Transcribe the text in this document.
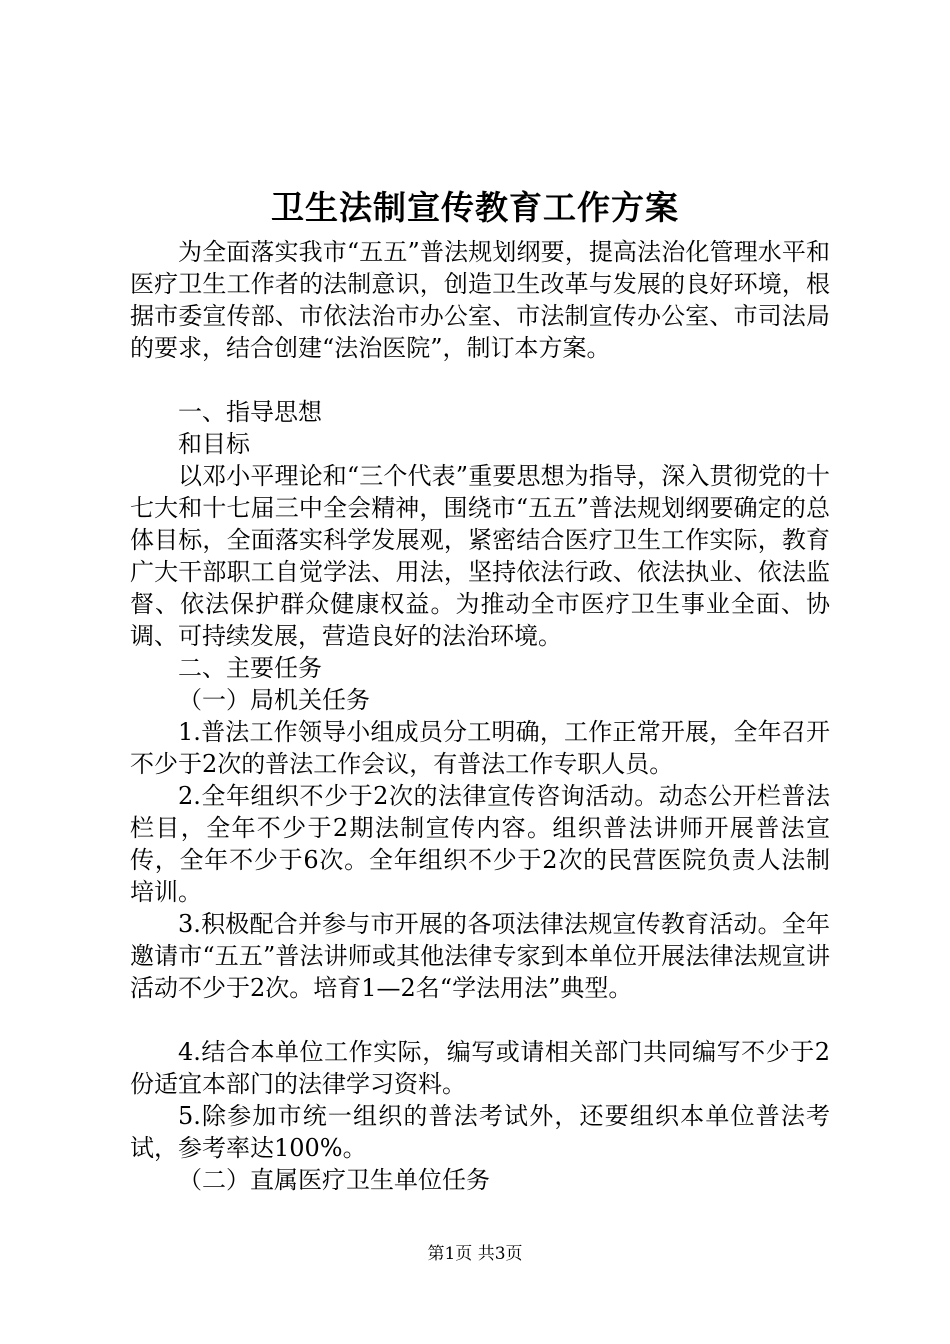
卫生法制宣传教育工作方案

为全面落实我市“五五”普法规划纲要，提高法治化管理水平和医疗卫生工作者的法制意识，创造卫生改革与发展的良好环境，根据市委宣传部、市依法治市办公室、市法制宣传办公室、市司法局的要求，结合创建“法治医院”，制订本方案。

一、指导思想

和目标

以邓小平理论和“三个代表”重要思想为指导，深入贯彻党的十七大和十七届三中全会精神，围绕市“五五”普法规划纲要确定的总体目标，全面落实科学发展观，紧密结合医疗卫生工作实际，教育广大干部职工自觉学法、用法，坚持依法行政、依法执业、依法监督、依法保护群众健康权益。为推动全市医疗卫生事业全面、协调、可持续发展，营造良好的法治环境。

二、主要任务

（一）局机关任务

1.普法工作领导小组成员分工明确，工作正常开展，全年召开不少于2次的普法工作会议，有普法工作专职人员。

2.全年组织不少于2次的法律宣传咨询活动。动态公开栏普法栏目，全年不少于2期法制宣传内容。组织普法讲师开展普法宣传，全年不少于6次。全年组织不少于2次的民营医院负责人法制培训。

3.积极配合并参与市开展的各项法律法规宣传教育活动。全年邀请市“五五”普法讲师或其他法律专家到本单位开展法律法规宣讲活动不少于2次。培育1—2名“学法用法”典型。

4.结合本单位工作实际，编写或请相关部门共同编写不少于2份适宜本部门的法律学习资料。

5.除参加市统一组织的普法考试外，还要组织本单位普法考试，参考率达100%。

（二）直属医疗卫生单位任务

第1页 共3页
